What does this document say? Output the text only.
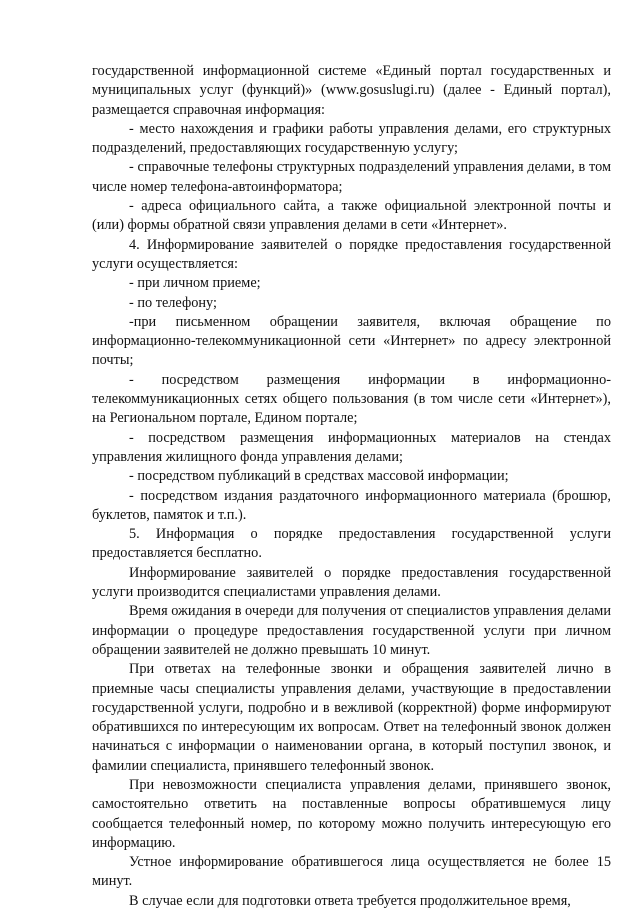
государственной информационной системе «Единый портал государственных и муниципальных услуг (функций)» (www.gosuslugi.ru) (далее - Единый портал), размещается справочная информация:

- место нахождения и графики работы управления делами, его структурных подразделений, предоставляющих государственную услугу;

- справочные телефоны структурных подразделений управления делами, в том числе номер телефона-автоинформатора;

- адреса официального сайта, а также официальной электронной почты и (или) формы обратной связи управления делами в сети «Интернет».

4. Информирование заявителей о порядке предоставления государственной услуги осуществляется:

- при личном приеме;

- по телефону;

-при письменном обращении заявителя, включая обращение по информационно-телекоммуникационной сети «Интернет» по адресу электронной почты;

- посредством размещения информации в информационно-телекоммуникационных сетях общего пользования (в том числе сети «Интернет»), на Региональном портале, Едином портале;

- посредством размещения информационных материалов на стендах управления жилищного фонда управления делами;

- посредством публикаций в средствах массовой информации;

- посредством издания раздаточного информационного материала (брошюр, буклетов, памяток и т.п.).

5. Информация о порядке предоставления государственной услуги предоставляется бесплатно.

Информирование заявителей о порядке предоставления государственной услуги производится специалистами управления делами.

Время ожидания в очереди для получения от специалистов управления делами информации о процедуре предоставления государственной услуги при личном обращении заявителей не должно превышать 10 минут.

При ответах на телефонные звонки и обращения заявителей лично в приемные часы специалисты управления делами, участвующие в предоставлении государственной услуги, подробно и в вежливой (корректной) форме информируют обратившихся по интересующим их вопросам. Ответ на телефонный звонок должен начинаться с информации о наименовании органа, в который поступил звонок, и фамилии специалиста, принявшего телефонный звонок.

При невозможности специалиста управления делами, принявшего звонок, самостоятельно ответить на поставленные вопросы обратившемуся лицу сообщается телефонный номер, по которому можно получить интересующую его информацию.

Устное информирование обратившегося лица осуществляется не более 15 минут.

В случае если для подготовки ответа требуется продолжительное время,
